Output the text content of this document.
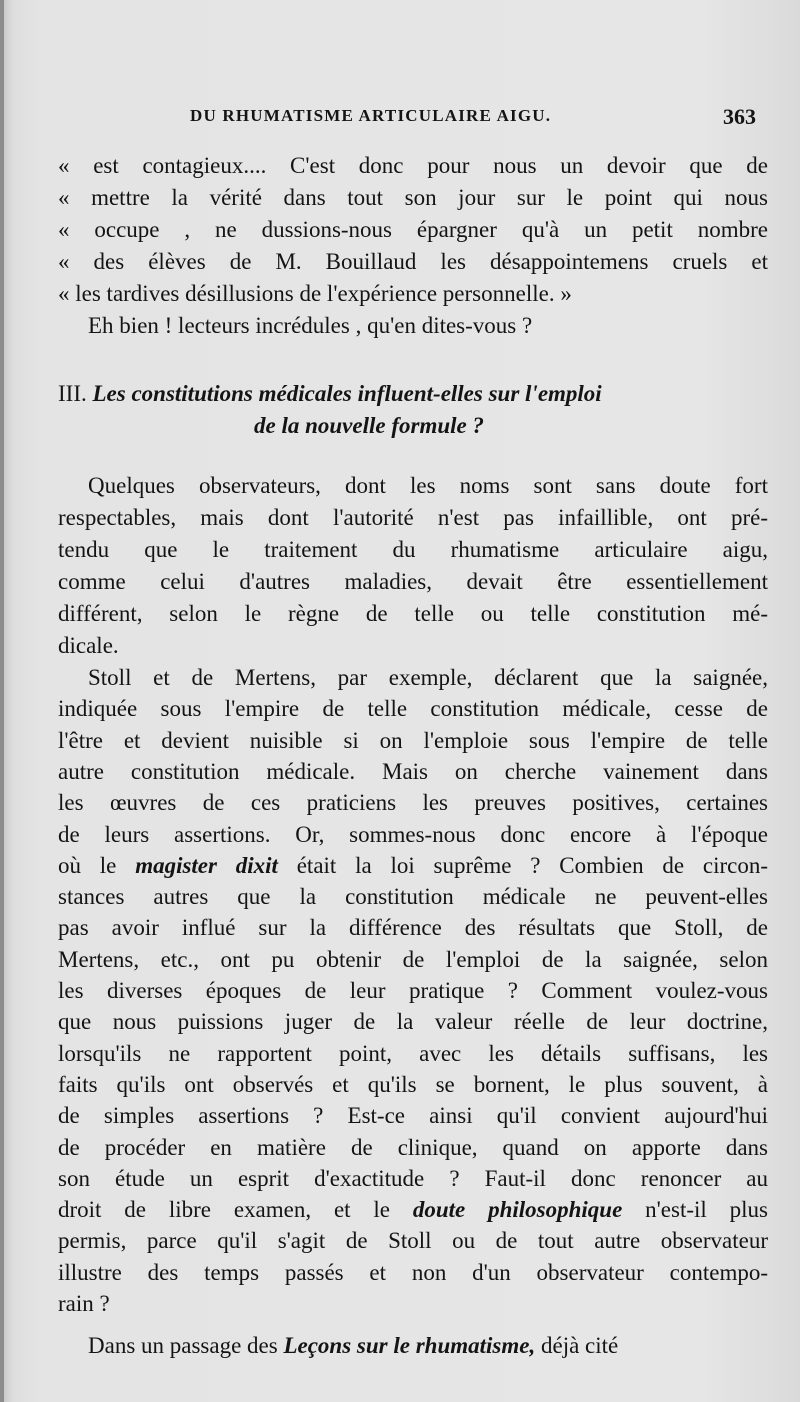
DU RHUMATISME ARTICULAIRE AIGU.	363
« est contagieux.... C'est donc pour nous un devoir que de
« mettre la vérité dans tout son jour sur le point qui nous
« occupe , ne dussions-nous épargner qu'à un petit nombre
« des élèves de M. Bouillaud les désappointemens cruels et
« les tardives désillusions de l'expérience personnelle. »
Eh bien ! lecteurs incrédules , qu'en dites-vous ?
III. Les constitutions médicales influent-elles sur l'emploi
de la nouvelle formule ?
Quelques observateurs, dont les noms sont sans doute fort
respectables, mais dont l'autorité n'est pas infaillible, ont pré-
tendu que le traitement du rhumatisme articulaire aigu,
comme celui d'autres maladies, devait être essentiellement
différent, selon le règne de telle ou telle constitution mé-
dicale.
Stoll et de Mertens, par exemple, déclarent que la saignée,
indiquée sous l'empire de telle constitution médicale, cesse de
l'être et devient nuisible si on l'emploie sous l'empire de telle
autre constitution médicale. Mais on cherche vainement dans
les œuvres de ces praticiens les preuves positives, certaines
de leurs assertions. Or, sommes-nous donc encore à l'époque
où le magister dixit était la loi suprême ? Combien de circon-
stances autres que la constitution médicale ne peuvent-elles
pas avoir influé sur la différence des résultats que Stoll, de
Mertens, etc., ont pu obtenir de l'emploi de la saignée, selon
les diverses époques de leur pratique ? Comment voulez-vous
que nous puissions juger de la valeur réelle de leur doctrine,
lorsqu'ils ne rapportent point, avec les détails suffisans, les
faits qu'ils ont observés et qu'ils se bornent, le plus souvent, à
de simples assertions ? Est-ce ainsi qu'il convient aujourd'hui
de procéder en matière de clinique, quand on apporte dans
son étude un esprit d'exactitude ? Faut-il donc renoncer au
droit de libre examen, et le doute philosophique n'est-il plus
permis, parce qu'il s'agit de Stoll ou de tout autre observateur
illustre des temps passés et non d'un observateur contempo-
rain ?
Dans un passage des Leçons sur le rhumatisme, déjà cité
